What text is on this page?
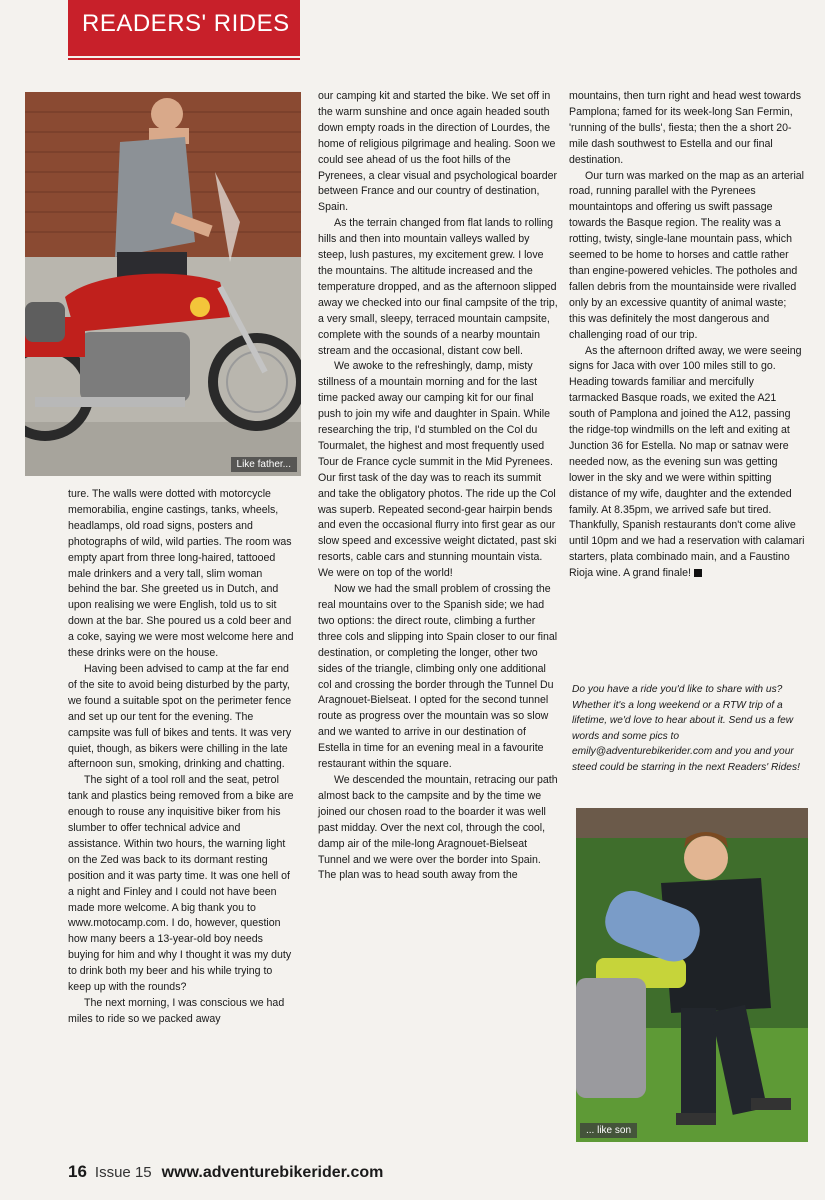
READERS' RIDES
Like father...

ture. The walls were dotted with motorcycle memorabilia, engine castings, tanks, wheels, headlamps, old road signs, posters and photographs of wild, wild parties. The room was empty apart from three long-haired, tattooed male drinkers and a very tall, slim woman behind the bar. She greeted us in Dutch, and upon realising we were English, told us to sit down at the bar. She poured us a cold beer and a coke, saying we were most welcome here and these drinks were on the house.

Having been advised to camp at the far end of the site to avoid being disturbed by the party, we found a suitable spot on the perimeter fence and set up our tent for the evening. The campsite was full of bikes and tents. It was very quiet, though, as bikers were chilling in the late afternoon sun, smoking, drinking and chatting.

The sight of a tool roll and the seat, petrol tank and plastics being removed from a bike are enough to rouse any inquisitive biker from his slumber to offer technical advice and assistance. Within two hours, the warning light on the Zed was back to its dormant resting position and it was party time. It was one hell of a night and Finley and I could not have been made more welcome. A big thank you to www.motocamp.com. I do, however, question how many beers a 13-year-old boy needs buying for him and why I thought it was my duty to drink both my beer and his while trying to keep up with the rounds?

The next morning, I was conscious we had miles to ride so we packed away

our camping kit and started the bike. We set off in the warm sunshine and once again headed south down empty roads in the direction of Lourdes, the home of religious pilgrimage and healing. Soon we could see ahead of us the foot hills of the Pyrenees, a clear visual and psychological boarder between France and our country of destination, Spain.

As the terrain changed from flat lands to rolling hills and then into mountain valleys walled by steep, lush pastures, my excitement grew. I love the mountains. The altitude increased and the temperature dropped, and as the afternoon slipped away we checked into our final campsite of the trip, a very small, sleepy, terraced mountain campsite, complete with the sounds of a nearby mountain stream and the occasional, distant cow bell.

We awoke to the refreshingly, damp, misty stillness of a mountain morning and for the last time packed away our camping kit for our final push to join my wife and daughter in Spain. While researching the trip, I'd stumbled on the Col du Tourmalet, the highest and most frequently used Tour de France cycle summit in the Mid Pyrenees. Our first task of the day was to reach its summit and take the obligatory photos. The ride up the Col was superb. Repeated second-gear hairpin bends and even the occasional flurry into first gear as our slow speed and excessive weight dictated, past ski resorts, cable cars and stunning mountain vista. We were on top of the world!

Now we had the small problem of crossing the real mountains over to the Spanish side; we had two options: the direct route, climbing a further three cols and slipping into Spain closer to our final destination, or completing the longer, other two sides of the triangle, climbing only one additional col and crossing the border through the Tunnel Du Aragnouet-Bielseat. I opted for the second tunnel route as progress over the mountain was so slow and we wanted to arrive in our destination of Estella in time for an evening meal in a favourite restaurant within the square.

We descended the mountain, retracing our path almost back to the campsite and by the time we joined our chosen road to the boarder it was well past midday. Over the next col, through the cool, damp air of the mile-long Aragnouet-Bielseat Tunnel and we were over the border into Spain. The plan was to head south away from the

mountains, then turn right and head west towards Pamplona; famed for its week-long San Fermin, 'running of the bulls', fiesta; then the a short 20-mile dash southwest to Estella and our final destination.

Our turn was marked on the map as an arterial road, running parallel with the Pyrenees mountaintops and offering us swift passage towards the Basque region. The reality was a rotting, twisty, single-lane mountain pass, which seemed to be home to horses and cattle rather than engine-powered vehicles. The potholes and fallen debris from the mountainside were rivalled only by an excessive quantity of animal waste; this was definitely the most dangerous and challenging road of our trip.

As the afternoon drifted away, we were seeing signs for Jaca with over 100 miles still to go. Heading towards familiar and mercifully tarmacked Basque roads, we exited the A21 south of Pamplona and joined the A12, passing the ridge-top windmills on the left and exiting at Junction 36 for Estella. No map or satnav were needed now, as the evening sun was getting lower in the sky and we were within spitting distance of my wife, daughter and the extended family. At 8.35pm, we arrived safe but tired. Thankfully, Spanish restaurants don't come alive until 10pm and we had a reservation with calamari starters, plata combinado main, and a Faustino Rioja wine. A grand finale!

Do you have a ride you'd like to share with us? Whether it's a long weekend or a RTW trip of a lifetime, we'd love to hear about it. Send us a few words and some pics to emily@adventurebikerider.com and you and your steed could be starring in the next Readers' Rides!
... like son
16 Issue 15 www.adventurebikerider.com
